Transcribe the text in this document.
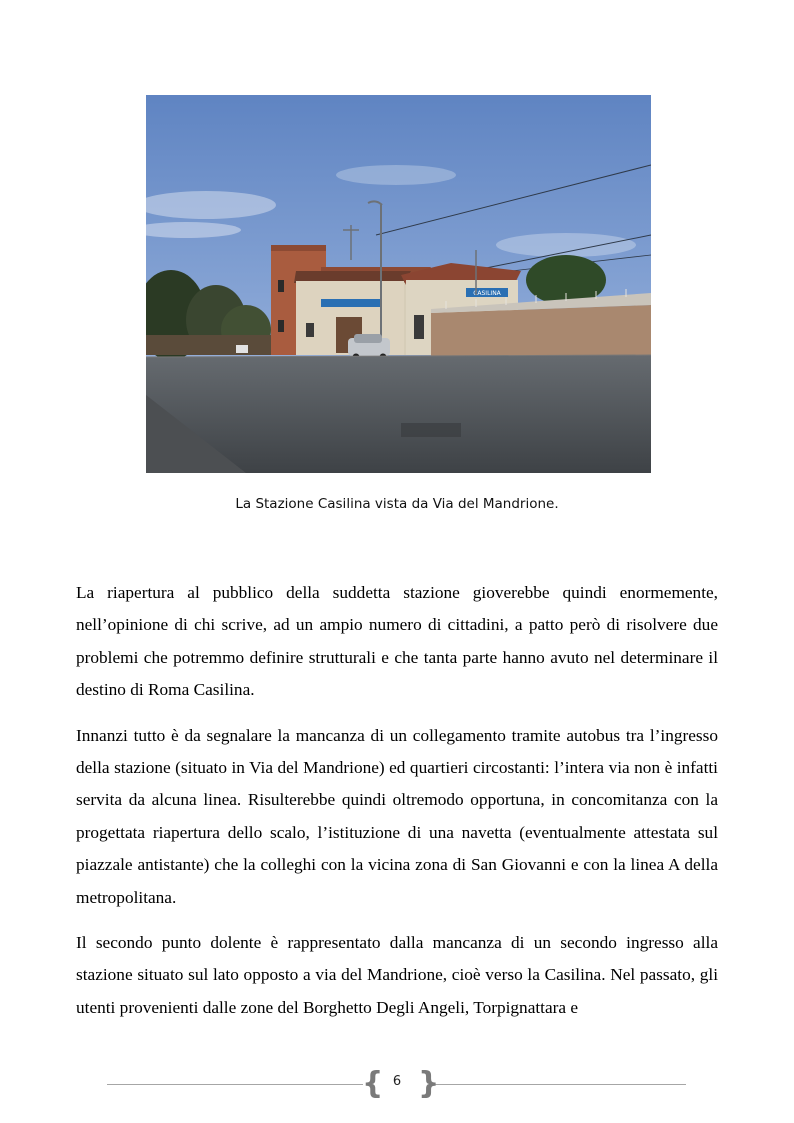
CASILINA
La Stazione Casilina vista da Via del Mandrione.

La riapertura al pubblico della suddetta stazione gioverebbe quindi enormemente, nell’opinione di chi scrive, ad un ampio numero di cittadini, a patto però di risolvere due problemi che potremmo definire strutturali e che tanta parte hanno avuto nel determinare il destino di Roma Casilina.

Innanzi tutto è da segnalare la mancanza di un collegamento tramite autobus tra l’ingresso della stazione (situato in Via del Mandrione) ed quartieri circostanti: l’intera via non è infatti servita da alcuna linea. Risulterebbe quindi oltremodo opportuna, in concomitanza con la progettata riapertura dello scalo, l’istituzione di una navetta (eventualmente attestata sul piazzale antistante) che la colleghi con la vicina zona di San Giovanni e con la linea A della metropolitana.

Il secondo punto dolente è rappresentato dalla mancanza di un secondo ingresso alla stazione situato sul lato opposto a via del Mandrione, cioè verso la Casilina. Nel passato, gli utenti provenienti dalle zone del Borghetto Degli Angeli, Torpignattara e

{ }
6
